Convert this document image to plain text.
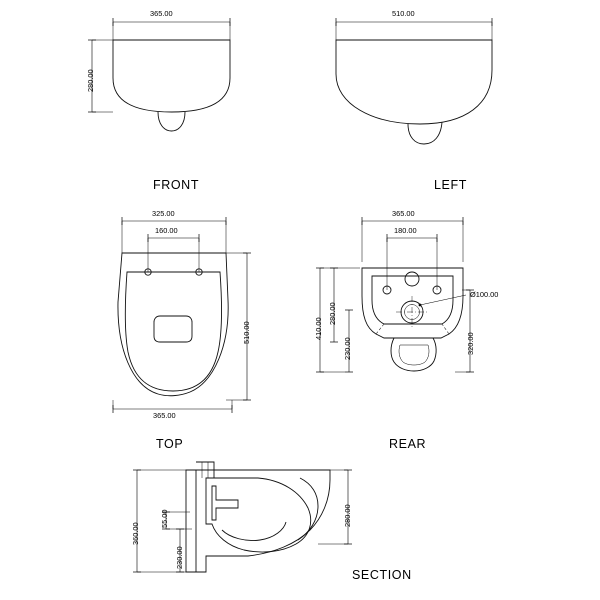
FRONT	LEFT
TOP	REAR
SECTION
365.00
280.00
510.00
325.00
160.00
510.00
365.00
365.00
180.00
410.00
280.00
230.00	320.00
Ø100.00
360.00
55.00
230.00
280.00
